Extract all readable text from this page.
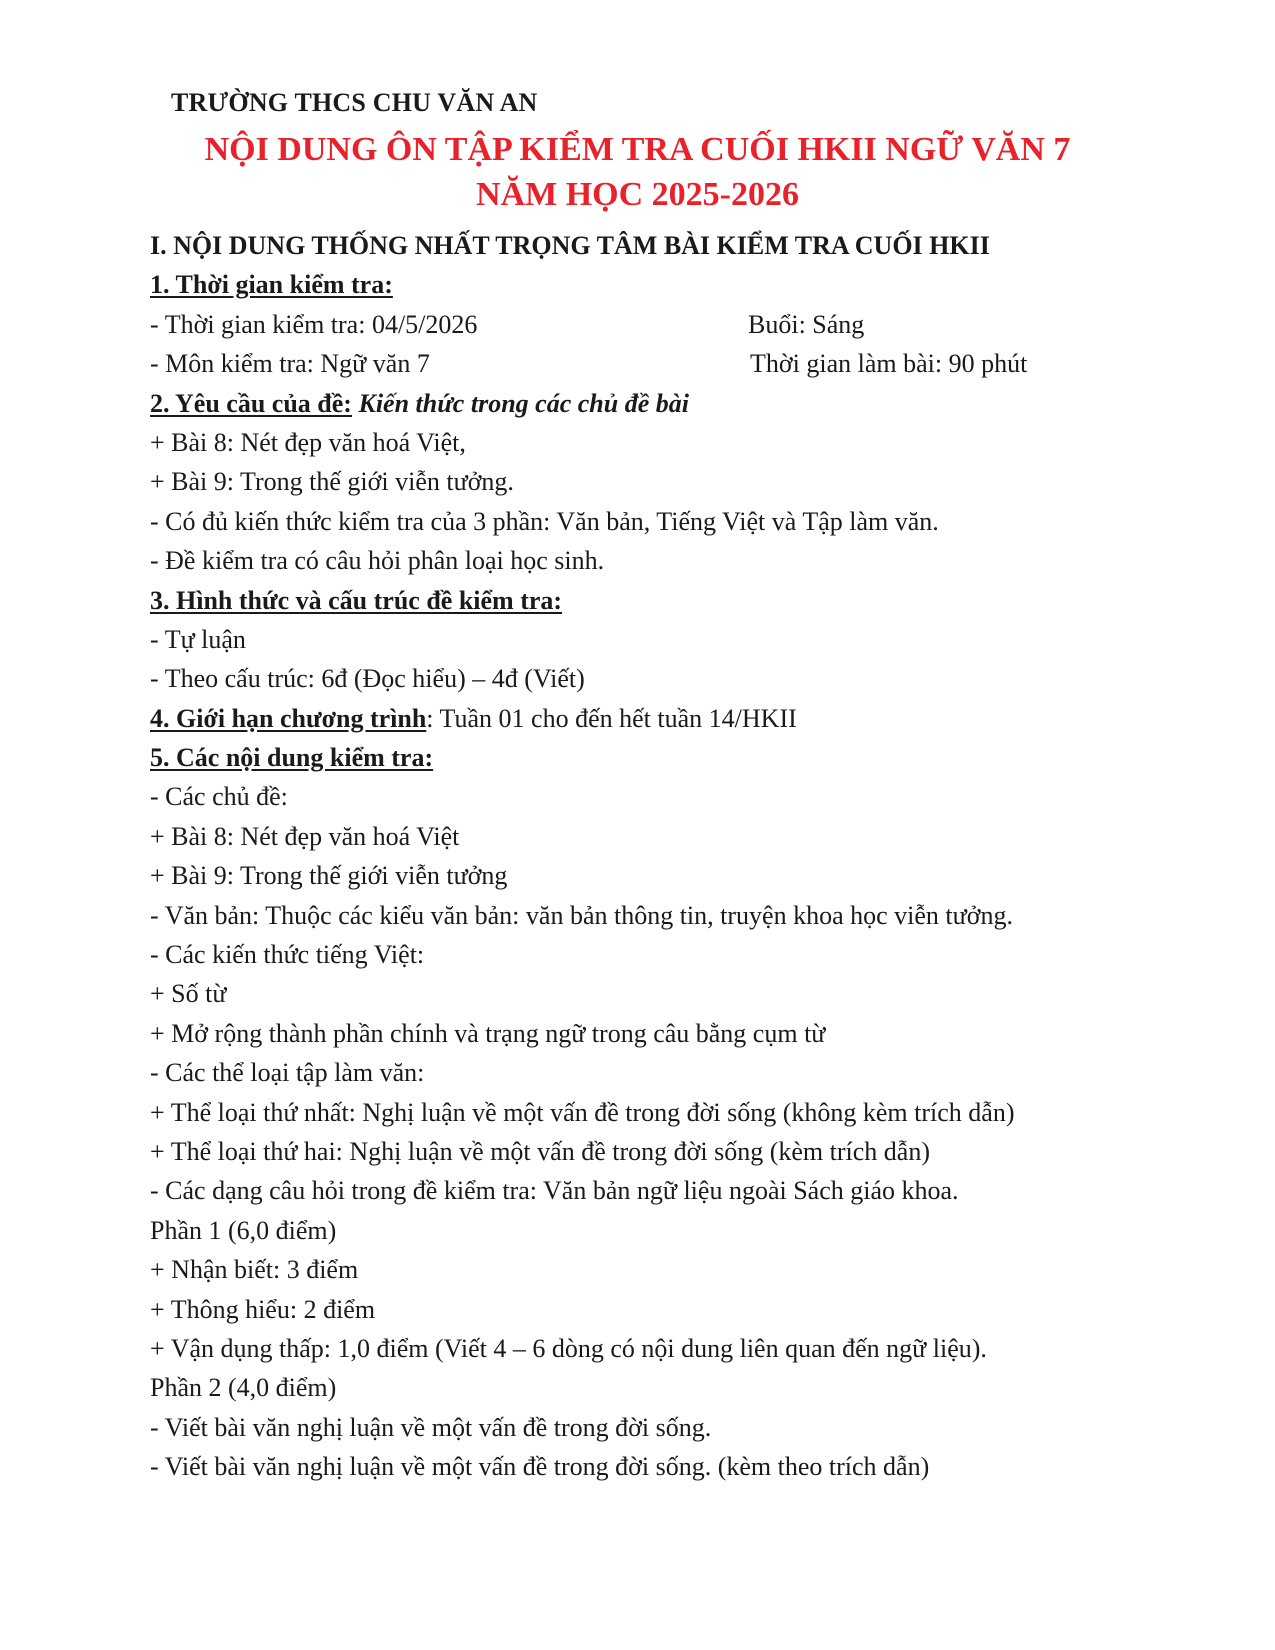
TRƯỜNG THCS CHU VĂN AN
NỘI DUNG ÔN TẬP KIỂM TRA CUỐI HKII NGỮ VĂN 7
NĂM HỌC 2025-2026
I. NỘI DUNG THỐNG NHẤT TRỌNG TÂM BÀI KIỂM TRA CUỐI HKII
1. Thời gian kiểm tra:
- Thời gian kiểm tra: 04/5/2026	Buổi: Sáng
- Môn kiểm tra: Ngữ văn 7	Thời gian làm bài: 90 phút
2. Yêu cầu của đề: Kiến thức trong các chủ đề bài
+ Bài 8: Nét đẹp văn hoá Việt,
+ Bài 9: Trong thế giới viễn tưởng.
- Có đủ kiến thức kiểm tra của 3 phần: Văn bản, Tiếng Việt và Tập làm văn.
- Đề kiểm tra có câu hỏi phân loại học sinh.
3. Hình thức và cấu trúc đề kiểm tra:
- Tự luận
- Theo cấu trúc: 6đ (Đọc hiểu) – 4đ (Viết)
4. Giới hạn chương trình: Tuần 01 cho đến hết tuần 14/HKII
5. Các nội dung kiểm tra:
- Các chủ đề:
+ Bài 8: Nét đẹp văn hoá Việt
+ Bài 9: Trong thế giới viễn tưởng
- Văn bản: Thuộc các kiểu văn bản: văn bản thông tin, truyện khoa học viễn tưởng.
- Các kiến thức tiếng Việt:
+ Số từ
+ Mở rộng thành phần chính và trạng ngữ trong câu bằng cụm từ
- Các thể loại tập làm văn:
+ Thể loại thứ nhất: Nghị luận về một vấn đề trong đời sống (không kèm trích dẫn)
+ Thể loại thứ hai: Nghị luận về một vấn đề trong đời sống (kèm trích dẫn)
- Các dạng câu hỏi trong đề kiểm tra: Văn bản ngữ liệu ngoài Sách giáo khoa.
Phần 1 (6,0 điểm)
+ Nhận biết: 3 điểm
+ Thông hiểu: 2 điểm
+ Vận dụng thấp: 1,0 điểm (Viết 4 – 6 dòng có nội dung liên quan đến ngữ liệu).
Phần 2 (4,0 điểm)
- Viết bài văn nghị luận về một vấn đề trong đời sống.
- Viết bài văn nghị luận về một vấn đề trong đời sống. (kèm theo trích dẫn)
